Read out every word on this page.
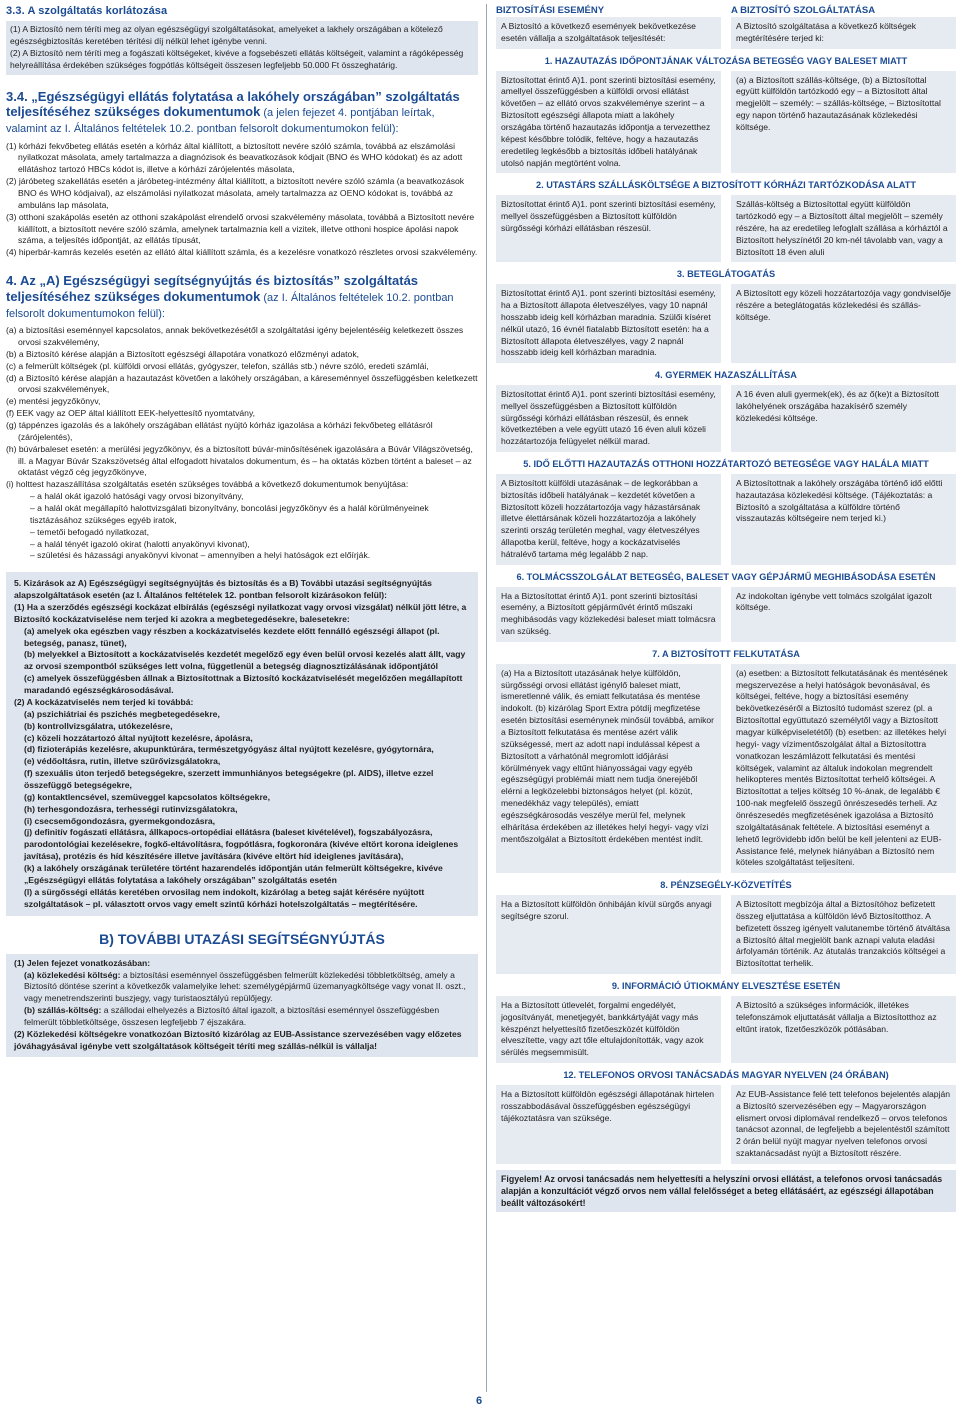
3.3. A szolgáltatás korlátozása

(1) A Biztosító nem téríti meg az olyan egészségügyi szolgáltatásokat, amelyeket a lakhely országában a kötelező egészségbiztosítás keretében térítési díj nélkül lehet igénybe venni.

(2) A Biztosító nem téríti meg a fogászati költségeket, kivéve a fogsebészeti ellátás költségeit, valamint a rágóképesség helyreállítása érdekében szükséges fogpótlás költségeit összesen legfeljebb 50.000 Ft összeghatárig.

3.4. „Egészségügyi ellátás folytatása a lakóhely országában” szolgáltatás teljesítéséhez szükséges dokumentumok (a jelen fejezet 4. pontjában leírtak, valamint az I. Általános feltételek 10.2. pontban felsorolt dokumentumokon felül):

(1) kórházi fekvőbeteg ellátás esetén a kórház által kiállított, a biztosított nevére szóló számla, továbbá az elszámolási nyilatkozat másolata, amely tartalmazza a diagnózisok és beavatkozások kódjait (BNO és WHO kódokat) és az adott ellátáshoz tartozó HBCs kódot is, illetve a kórházi zárójelentés másolata,

(2) járóbeteg szakellátás esetén a járóbeteg-intézmény által kiállított, a biztosított nevére szóló számla (a beavatkozások BNO és WHO kódjaival), az elszámolási nyilatkozat másolata, amely tartalmazza az OENO kódokat is, továbbá az ambuláns lap másolata,

(3) otthoni szakápolás esetén az otthoni szakápolást elrendelő orvosi szakvélemény másolata, továbbá a Biztosított nevére kiállított, a biztosított nevére szóló számla, amelynek tartalmaznia kell a vizitek, illetve otthoni hospice ápolási napok száma, a teljesítés időpontját, az ellátás típusát,

(4) hiperbár-kamrás kezelés esetén az ellátó által kiállított számla, és a kezelésre vonatkozó részletes orvosi szakvélemény.

4. Az „A) Egészségügyi segítségnyújtás és biztosítás” szolgáltatás teljesítéséhez szükséges dokumentumok (az I. Általános feltételek 10.2. pontban felsorolt dokumentumokon felül):

(a) a biztosítási eseménnyel kapcsolatos, annak bekövetkezésétől a szolgáltatási igény bejelentéséig keletkezett összes orvosi szakvélemény,

(b) a Biztosító kérése alapján a Biztosított egészségi állapotára vonatkozó előzményi adatok,

(c) a felmerült költségek (pl. külföldi orvosi ellátás, gyógyszer, telefon, szállás stb.) névre szóló, eredeti számlái,

(d) a Biztosító kérése alapján a hazautazást követően a lakóhely országában, a káreseménnyel összefüggésben keletkezett orvosi szakvélemények,

(e) mentési jegyzőkönyv,

(f) EEK vagy az OEP által kiállított EEK-helyettesítő nyomtatvány,

(g) táppénzes igazolás és a lakóhely országában ellátást nyújtó kórház igazolása a kórházi fekvőbeteg ellátásról (zárójelentés),

(h) búvárbaleset esetén: a merülési jegyzőkönyv, és a biztosított búvár-minősítésének igazolására a Búvár Világszövetség, ill. a Magyar Búvár Szakszövetség által elfogadott hivatalos dokumentum, és – ha oktatás közben történt a baleset – az oktatást végző cég jegyzőkönyve,

(i) holttest hazaszállítása szolgáltatás esetén szükséges továbbá a következő dokumentumok benyújtása:

– a halál okát igazoló hatósági vagy orvosi bizonyítvány,

– a halál okát megállapító halottvizsgálati bizonyítvány, boncolási jegyzőkönyv és a halál körülményeinek tisztázásához szükséges egyéb iratok,

– temetői befogadó nyilatkozat,

– a halál tényét igazoló okirat (halotti anyakönyvi kivonat),

– születési és házassági anyakönyvi kivonat – amennyiben a helyi hatóságok ezt előírják.

5. Kizárások az A) Egészségügyi segítségnyújtás és biztosítás és a B) További utazási segítségnyújtás alapszolgáltatások esetén (az I. Általános feltételek 12. pontban felsorolt kizárásokon felül):

(1) Ha a szerződés egészségi kockázat elbírálás (egészségi nyilatkozat vagy orvosi vizsgálat) nélkül jött létre, a Biztosító kockázatviselése nem terjed ki azokra a megbetegedésekre, balesetekre:

(a) amelyek oka egészben vagy részben a kockázatviselés kezdete előtt fennálló egészségi állapot (pl. betegség, panasz, tünet),

(b) melyekkel a Biztosított a kockázatviselés kezdetét megelőző egy éven belül orvosi kezelés alatt állt, vagy az orvosi szempontból szükséges lett volna, függetlenül a betegség diagnosztizálásának időpontjától

(c) amelyek összefüggésben állnak a Biztosítottnak a Biztosító kockázatviselését megelőzően megállapított maradandó egészségkárosodásával.

(2) A kockázatviselés nem terjed ki továbbá:

(a) pszichiátriai és pszichés megbetegedésekre,

(b) kontrollvizsgálatra, utókezelésre,

(c) közeli hozzátartozó által nyújtott kezelésre, ápolásra,

(d) fizioterápiás kezelésre, akupunktúrára, természetgyógyász által nyújtott kezelésre, gyógytornára,

(e) védőoltásra, rutin, illetve szűrővizsgálatokra,

(f) szexuális úton terjedő betegségekre, szerzett immunhiányos betegségekre (pl. AIDS), illetve ezzel összefüggő betegségekre,

(g) kontaktlencsével, szemüveggel kapcsolatos költségekre,

(h) terhesgondozásra, terhességi rutinvizsgálatokra,

(i) csecsemőgondozásra, gyermekgondozásra,

(j) definitív fogászati ellátásra, állkapocs-ortopédiai ellátásra (baleset kivételével), fogszabályozásra, parodontológiai kezelésekre, fogkő-eltávolításra, fogpótlásra, fogkoronára (kivéve eltört korona ideiglenes javítása), protézis és híd készítésére illetve javítására (kivéve eltört híd ideiglenes javítására),

(k) a lakóhely országának területére történt hazarendelés időpontján után felmerült költségekre, kivéve „Egészségügyi ellátás folytatása a lakóhely országában” szolgáltatás esetén

(l) a sürgősségi ellátás keretében orvosilag nem indokolt, kizárólag a beteg saját kérésére nyújtott szolgáltatások – pl. választott orvos vagy emelt szintű kórházi hotelszolgáltatás – megtérítésére.

B) TOVÁBBI UTAZÁSI SEGÍTSÉGNYÚJTÁS

(1) Jelen fejezet vonatkozásában:

(a) közlekedési költség: a biztosítási eseménnyel összefüggésben felmerült közlekedési többletköltség, amely a Biztosító döntése szerint a következők valamelyike lehet: személygépjármű üzemanyagköltsége vagy vonat II. oszt., vagy menetrendszerinti buszjegy, vagy turistaosztályú repülőjegy.

(b) szállás-költség: a szállodai elhelyezés a Biztosító által igazolt, a biztosítási eseménnyel összefüggésben felmerült többletköltsége, összesen legfeljebb 7 éjszakára.

(2) Közlekedési költségekre vonatkozóan Biztosító kizárólag az EUB-Assistance szervezésében vagy előzetes jóváhagyásával igénybe vett szolgáltatások költségeit téríti meg szállás-nélkül is vállalja!

BIZTOSÍTÁSI ESEMÉNY	A BIZTOSÍTÓ SZOLGÁLTATÁSA
A Biztosító a következő események bekövetkezése esetén vállalja a szolgáltatások teljesítését:
A Biztosító szolgáltatása a következő költségek megtérítésére terjed ki:
1. HAZAUTAZÁS IDŐPONTJÁNAK VÁLTOZÁSA BETEGSÉG VAGY BALESET MIATT
Biztosítottat érintő A)1. pont szerinti biztosítási esemény, amellyel összefüggésben a külföldi orvosi ellátást követően – az ellátó orvos szakvéleménye szerint – a Biztosított egészségi állapota miatt a lakóhely országába történő hazautazás időpontja a tervezetthez képest későbbre tolódik, feltéve, hogy a hazautazás eredetileg legkésőbb a biztosítás időbeli hatályának utolsó napján megtörtént volna.
(a) a Biztosított szállás-költsége, (b) a Biztosítottal együtt külföldön tartózkodó egy – a Biztosított által megjelölt – személy: – szállás-költsége, – Biztosítottal egy napon történő hazautazásának közlekedési költsége.
2. UTASTÁRS SZÁLLÁSKÖLTSÉGE A BIZTOSÍTOTT KÓRHÁZI TARTÓZKODÁSA ALATT
Biztosítottat érintő A)1. pont szerinti biztosítási esemény, mellyel összefüggésben a Biztosított külföldön sürgősségi kórházi ellátásban részesül.
Szállás-költség a Biztosítottal együtt külföldön tartózkodó egy – a Biztosított által megjelölt – személy részére, ha az eredetileg lefoglalt szállása a kórháztól a Biztosított helyszínétől 20 km-nél távolabb van, vagy a Biztosított 18 éven aluli
3. BETEGLÁTOGATÁS
Biztosítottat érintő A)1. pont szerinti biztosítási esemény, ha a Biztosított állapota életveszélyes, vagy 10 napnál hosszabb ideig kell kórházban maradnia. Szülői kíséret nélkül utazó, 16 évnél fiatalabb Biztosított esetén: ha a Biztosított állapota életveszélyes, vagy 2 napnál hosszabb ideig kell kórházban maradnia.
A Biztosított egy közeli hozzátartozója vagy gondviselője részére a beteglátogatás közlekedési és szállás-költsége.
4. GYERMEK HAZASZÁLLÍTÁSA
Biztosítottat érintő A)1. pont szerinti biztosítási esemény, mellyel összefüggésben a Biztosított külföldön sürgősségi kórházi ellátásban részesül, és ennek következtében a vele együtt utazó 16 éven aluli közeli hozzátartozója felügyelet nélkül marad.
A 16 éven aluli gyermek(ek), és az ő(ke)t a Biztosított lakóhelyének országába hazakísérő személy közlekedési költsége.
5. IDŐ ELŐTTI HAZAUTAZÁS OTTHONI HOZZÁTARTOZÓ BETEGSÉGE VAGY HALÁLA MIATT
A Biztosított külföldi utazásának – de legkorábban a biztosítás időbeli hatályának – kezdetét követően a Biztosított közeli hozzátartozója vagy házastársának illetve élettársának közeli hozzátartozója a lakóhely szerinti ország területén meghal, vagy életveszélyes állapotba kerül, feltéve, hogy a kockázatviselés hátralévő tartama még legalább 2 nap.
A Biztosítottnak a lakóhely országába történő idő előtti hazautazása közlekedési költsége. (Tájékoztatás: a Biztosító a szolgáltatása a külföldre történő visszautazás költségeire nem terjed ki.)
6. TOLMÁCSSZOLGÁLAT BETEGSÉG, BALESET VAGY GÉPJÁRMŰ MEGHIBÁSODÁSA ESETÉN
Ha a Biztosítottat érintő A)1. pont szerinti biztosítási esemény, a Biztosított gépjárművét érintő műszaki meghibásodás vagy közlekedési baleset miatt tolmácsra van szükség.
Az indokoltan igénybe vett tolmács szolgálat igazolt költsége.
7. A BIZTOSÍTOTT FELKUTATÁSA
(a) Ha a Biztosított utazásának helye külföldön, sürgősségi orvosi ellátást igénylő baleset miatt, ismeretlenné válik, és emiatt felkutatása és mentése indokolt. (b) kizárólag Sport Extra pótdíj megfizetése esetén biztosítási eseménynek minősül továbbá, amikor a Biztosított felkutatása és mentése azért válik szükségessé, mert az adott napi indulással képest a Biztosított a várhatónál megromlott időjárási körülmények vagy eltűnt hiányosságai vagy egyéb egészségügyi problémái miatt nem tudja önerejéből elérni a legközelebbi biztonságos helyet (pl. közút, menedékház vagy település), emiatt egészségkárosodás veszélye merül fel, melynek elhárítása érdekében az illetékes helyi hegyi- vagy vízi mentőszolgálat a Biztosított érdekében mentést indít.
(a) esetben: a Biztosított felkutatásának és mentésének megszervezése a helyi hatóságok bevonásával, és költségei, feltéve, hogy a biztosítási esemény bekövetkezéséről a Biztosító tudomást szerez (pl. a Biztosítottal együttutazó személytől vagy a Biztosított magyar külképviseletétől) (b) esetben: az illetékes helyi hegyi- vagy vízimentőszolgálat által a Biztosítottra vonatkozan leszámlázott felkutatási és mentési költségek, valamint az általuk indokolan megrendelt helikopteres mentés Biztosítottat terhelő költségei. A Biztosítottat a teljes költség 10 %-ának, de legalább € 100-nak megfelelő összegű önrészesedés terheli. Az önrészesedés megfizetésének igazolása a Biztosító szolgáltatásának feltétele. A biztosítási eseményt a lehető legrövidebb időn belül be kell jelenteni az EUB-Assistance felé, melynek hiányában a Biztosító nem köteles szolgáltatást teljesíteni.
8. PÉNZSEGÉLY-KÖZVETÍTÉS
Ha a Biztosított külföldön önhibáján kívül sürgős anyagi segítségre szorul.
A Biztosított megbízója által a Biztosítóhoz befizetett összeg eljuttatása a külföldön lévő Biztosítotthoz. A befizetett összeg igényelt valutanembe történő átváltása a Biztosító által megjelölt bank aznapi valuta eladási árfolyamán történik. Az átutalás tranzakciós költségei a Biztosítottat terhelik.
9. INFORMÁCIÓ ÚTIOKMÁNY ELVESZTÉSE ESETÉN
Ha a Biztosított útlevelét, forgalmi engedélyét, jogosítványát, menetjegyét, bankkártyáját vagy más készpénzt helyettesítő fizetőeszközét külföldön elveszítette, vagy azt tőle eltulajdonították, vagy azok sérülés megsemmisült.
A Biztosító a szükséges információk, illetékes telefonszámok eljuttatását vállalja a Biztosítotthoz az eltűnt iratok, fizetőeszközök pótlásában.
12. TELEFONOS ORVOSI TANÁCSADÁS MAGYAR NYELVEN (24 ÓRÁBAN)
Ha a Biztosított külföldön egészségi állapotának hirtelen rosszabbodásával összefüggésben egészségügyi tájékoztatásra van szüksége.
Az EUB-Assistance felé tett telefonos bejelentés alapján a Biztosító szervezésében egy – Magyarországon elismert orvosi diplomával rendelkező – orvos telefonos tanácsot azonnal, de legfeljebb a bejelentéstől számított 2 órán belül nyújt magyar nyelven telefonos orvosi szaktanácsadást nyújt a Biztosított részére.
Figyelem! Az orvosi tanácsadás nem helyettesíti a helyszíni orvosi ellátást, a telefonos orvosi tanácsadás alapján a konzultációt végző orvos nem vállal felelősséget a beteg ellátásáért, az egészségi állapotában beállt változásokért!
6
